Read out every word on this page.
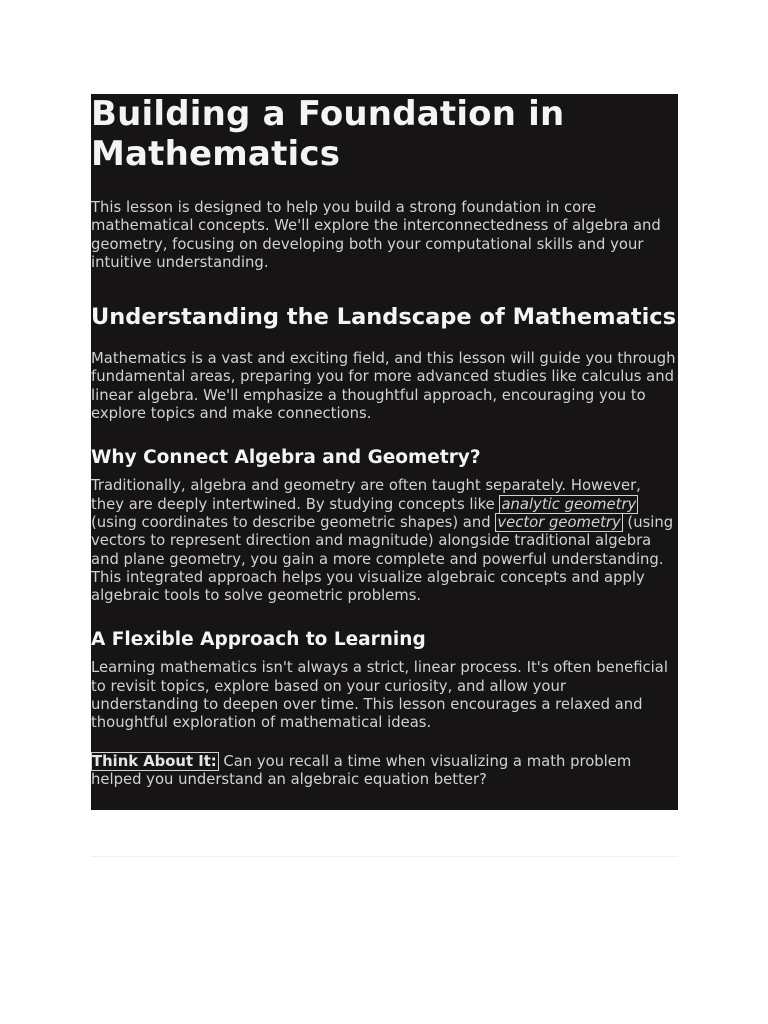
Building a Foundation in Mathematics

This lesson is designed to help you build a strong foundation in core mathematical concepts. We'll explore the interconnectedness of algebra and geometry, focusing on developing both your computational skills and your intuitive understanding.

Understanding the Landscape of Mathematics

Mathematics is a vast and exciting field, and this lesson will guide you through fundamental areas, preparing you for more advanced studies like calculus and linear algebra. We'll emphasize a thoughtful approach, encouraging you to explore topics and make connections.

Why Connect Algebra and Geometry?

Traditionally, algebra and geometry are often taught separately. However, they are deeply intertwined. By studying concepts like analytic geometry (using coordinates to describe geometric shapes) and vector geometry (using vectors to represent direction and magnitude) alongside traditional algebra and plane geometry, you gain a more complete and powerful understanding. This integrated approach helps you visualize algebraic concepts and apply algebraic tools to solve geometric problems.

A Flexible Approach to Learning

Learning mathematics isn't always a strict, linear process. It's often beneficial to revisit topics, explore based on your curiosity, and allow your understanding to deepen over time. This lesson encourages a relaxed and thoughtful exploration of mathematical ideas.

Think About It: Can you recall a time when visualizing a math problem helped you understand an algebraic equation better?
